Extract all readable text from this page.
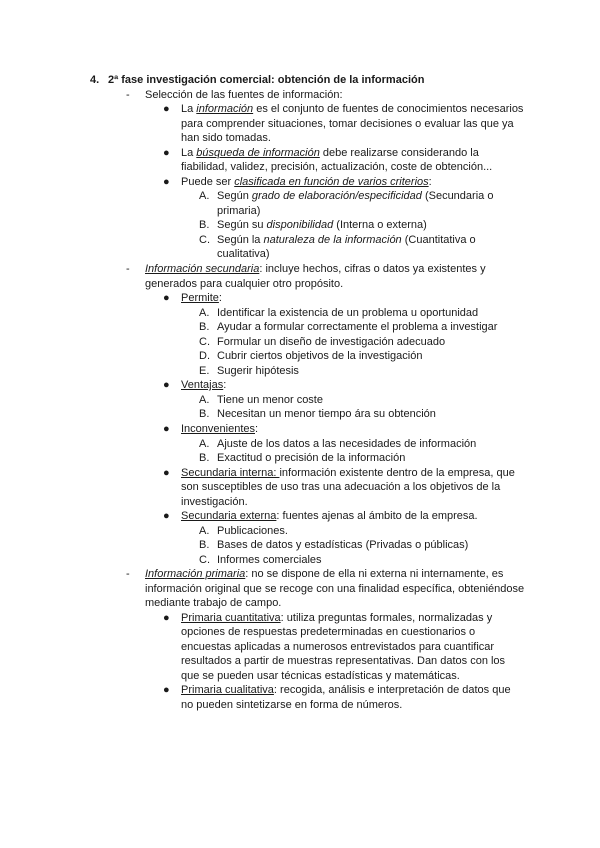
4. 2ª fase investigación comercial: obtención de la información
- Selección de las fuentes de información:
● La información es el conjunto de fuentes de conocimientos necesarios
para comprender situaciones, tomar decisiones o evaluar las que ya
han sido tomadas.
● La búsqueda de información debe realizarse considerando la
fiabilidad, validez, precisión, actualización, coste de obtención...
● Puede ser clasificada en función de varios criterios:
A. Según grado de elaboración/especificidad (Secundaria o
primaria)
B. Según su disponibilidad (Interna o externa)
C. Según la naturaleza de la información (Cuantitativa o
cualitativa)
- Información secundaria: incluye hechos, cifras o datos ya existentes y
generados para cualquier otro propósito.
● Permite:
A. Identificar la existencia de un problema u oportunidad
B. Ayudar a formular correctamente el problema a investigar
C. Formular un diseño de investigación adecuado
D. Cubrir ciertos objetivos de la investigación
E. Sugerir hipótesis
● Ventajas:
A. Tiene un menor coste
B. Necesitan un menor tiempo ára su obtención
● Inconvenientes:
A. Ajuste de los datos a las necesidades de información
B. Exactitud o precisión de la información
● Secundaria interna: información existente dentro de la empresa, que
son susceptibles de uso tras una adecuación a los objetivos de la
investigación.
● Secundaria externa: fuentes ajenas al ámbito de la empresa.
A. Publicaciones.
B. Bases de datos y estadísticas (Privadas o públicas)
C. Informes comerciales
- Información primaria: no se dispone de ella ni externa ni internamente, es
información original que se recoge con una finalidad específica, obteniéndose
mediante trabajo de campo.
● Primaria cuantitativa: utiliza preguntas formales, normalizadas y
opciones de respuestas predeterminadas en cuestionarios o
encuestas aplicadas a numerosos entrevistados para cuantificar
resultados a partir de muestras representativas. Dan datos con los
que se pueden usar técnicas estadísticas y matemáticas.
● Primaria cualitativa: recogida, análisis e interpretación de datos que
no pueden sintetizarse en forma de números.
